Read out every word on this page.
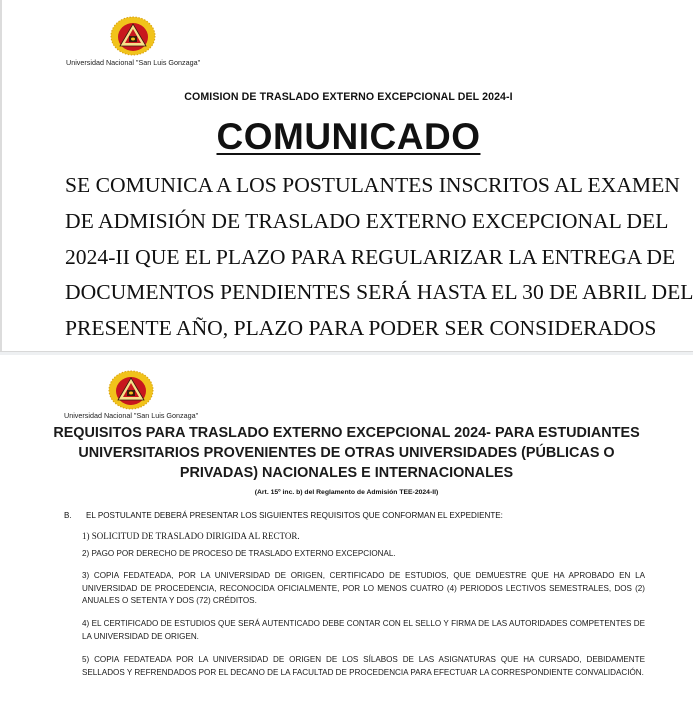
Universidad Nacional "San Luis Gonzaga"
COMISION DE TRASLADO EXTERNO EXCEPCIONAL DEL 2024-I
COMUNICADO
SE COMUNICA A LOS POSTULANTES INSCRITOS AL EXAMEN
DE ADMISIÓN DE TRASLADO EXTERNO EXCEPCIONAL DEL
2024-II QUE EL PLAZO PARA REGULARIZAR LA ENTREGA DE
DOCUMENTOS PENDIENTES SERÁ HASTA EL 30 DE ABRIL DEL
PRESENTE AÑO, PLAZO PARA PODER SER CONSIDERADOS
Universidad Nacional "San Luis Gonzaga"
REQUISITOS PARA TRASLADO EXTERNO EXCEPCIONAL 2024- PARA ESTUDIANTES
UNIVERSITARIOS PROVENIENTES DE OTRAS UNIVERSIDADES (PÚBLICAS O
PRIVADAS) NACIONALES E INTERNACIONALES
(Art. 15º inc. b) del Reglamento de Admisión TEE-2024-II)
B. EL POSTULANTE DEBERÁ PRESENTAR LOS SIGUIENTES REQUISITOS QUE CONFORMAN EL EXPEDIENTE:
1) SOLICITUD DE TRASLADO DIRIGIDA AL RECTOR.
2) PAGO POR DERECHO DE PROCESO DE TRASLADO EXTERNO EXCEPCIONAL.
3) COPIA FEDATEADA, POR LA UNIVERSIDAD DE ORIGEN, CERTIFICADO DE ESTUDIOS, QUE DEMUESTRE QUE HA APROBADO EN LA UNIVERSIDAD DE PROCEDENCIA, RECONOCIDA OFICIALMENTE, POR LO MENOS CUATRO (4) PERIODOS LECTIVOS SEMESTRALES, DOS (2) ANUALES O SETENTA Y DOS (72) CRÉDITOS.
4) EL CERTIFICADO DE ESTUDIOS QUE SERÁ AUTENTICADO DEBE CONTAR CON EL SELLO Y FIRMA DE LAS AUTORIDADES COMPETENTES DE LA UNIVERSIDAD DE ORIGEN.
5) COPIA FEDATEADA POR LA UNIVERSIDAD DE ORIGEN DE LOS SÍLABOS DE LAS ASIGNATURAS QUE HA CURSADO, DEBIDAMENTE SELLADOS Y REFRENDADOS POR EL DECANO DE LA FACULTAD DE PROCEDENCIA PARA EFECTUAR LA CORRESPONDIENTE CONVALIDACIÓN.
